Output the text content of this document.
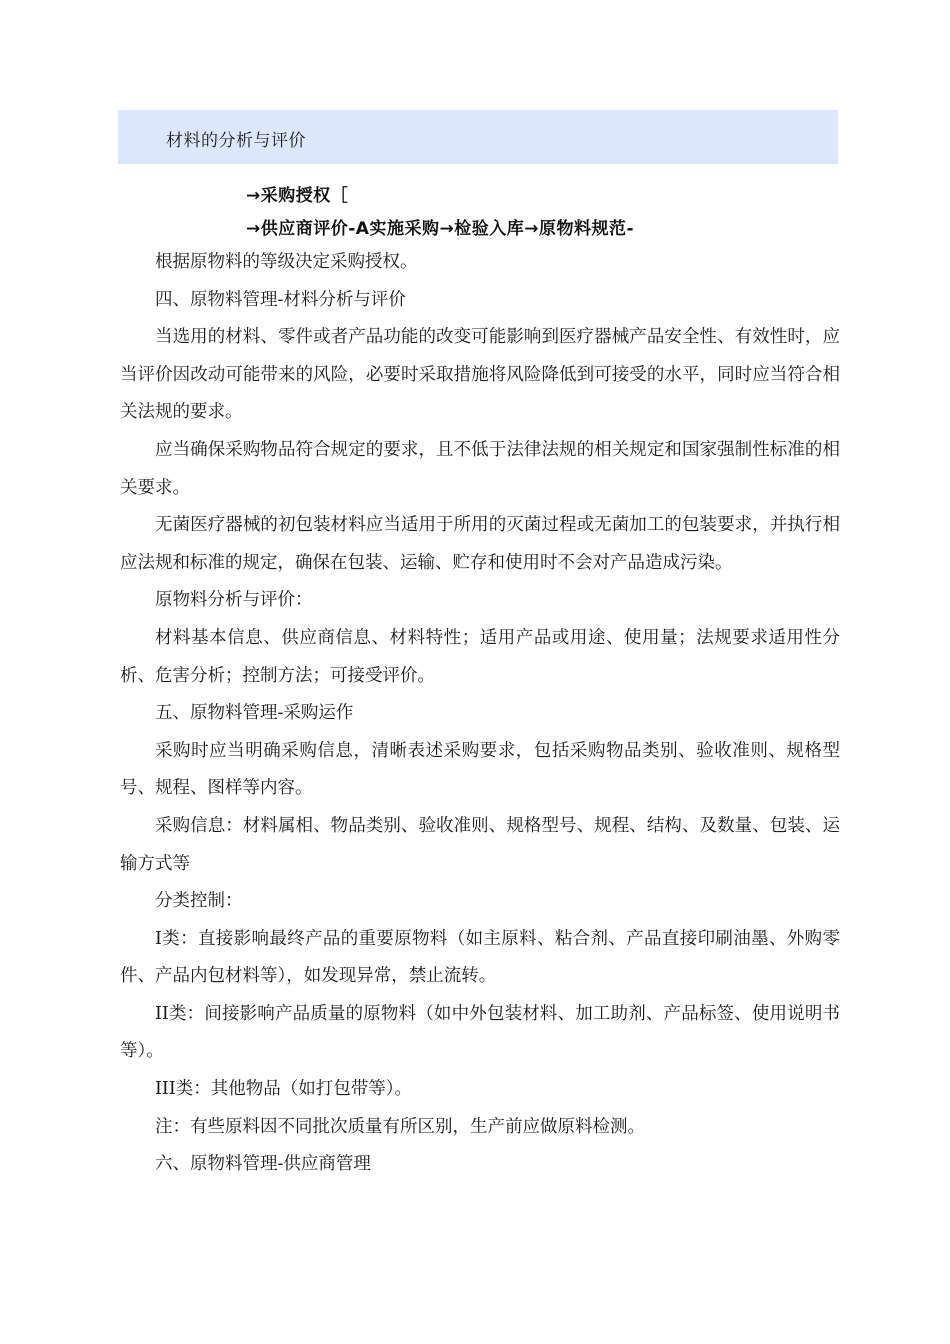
材料的分析与评价
→采购授权［
→供应商评价-A实施采购→检验入库→原物料规范-

根据原物料的等级决定采购授权。

四、原物料管理-材料分析与评价

当选用的材料、零件或者产品功能的改变可能影响到医疗器械产品安全性、有效性时，应当评价因改动可能带来的风险，必要时采取措施将风险降低到可接受的水平，同时应当符合相关法规的要求。

应当确保采购物品符合规定的要求，且不低于法律法规的相关规定和国家强制性标准的相关要求。

无菌医疗器械的初包装材料应当适用于所用的灭菌过程或无菌加工的包装要求，并执行相应法规和标准的规定，确保在包装、运输、贮存和使用时不会对产品造成污染。

原物料分析与评价：

材料基本信息、供应商信息、材料特性；适用产品或用途、使用量；法规要求适用性分析、危害分析；控制方法；可接受评价。

五、原物料管理-采购运作

采购时应当明确采购信息，清晰表述采购要求，包括采购物品类别、验收准则、规格型号、规程、图样等内容。

采购信息：材料属相、物品类别、验收准则、规格型号、规程、结构、及数量、包装、运输方式等

分类控制：

I类：直接影响最终产品的重要原物料（如主原料、粘合剂、产品直接印刷油墨、外购零件、产品内包材料等），如发现异常，禁止流转。

II类：间接影响产品质量的原物料（如中外包装材料、加工助剂、产品标签、使用说明书等）。

III类：其他物品（如打包带等）。

注：有些原料因不同批次质量有所区别，生产前应做原料检测。

六、原物料管理-供应商管理
